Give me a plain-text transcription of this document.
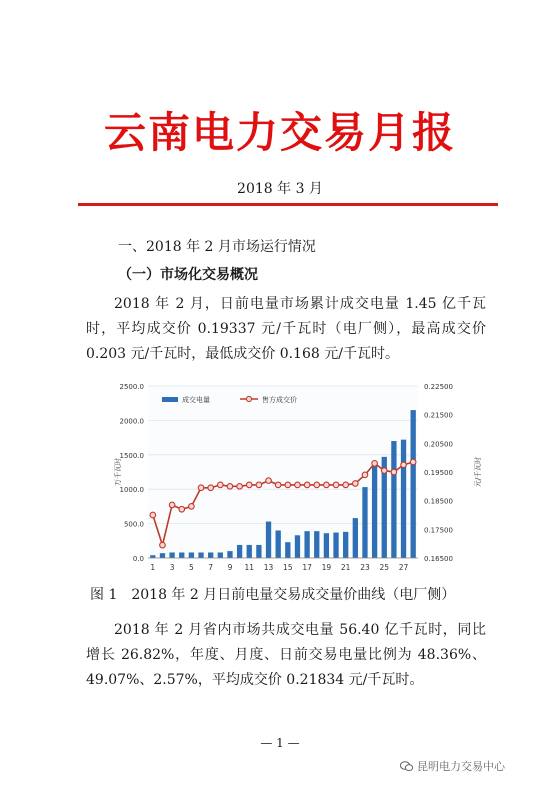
云南电力交易月报
2018 年 3 月
一、2018 年 2 月市场运行情况
（一）市场化交易概况
2018 年 2 月，日前电量市场累计成交电量 1.45 亿千瓦时，平均成交价 0.19337 元/千瓦时（电厂侧），最高成交价 0.203 元/千瓦时，最低成交价 0.168 元/千瓦时。
0.0
500.0
1000.0
1500.0
2000.0
2500.0
0.16500
0.17500
0.18500
0.19500
0.20500
0.21500
0.22500
1 3 5 7 9 11 13 15 17 19 21 23 25 27
万千瓦时	元/千瓦时
成交电量	售方成交价
图 1　2018 年 2 月日前电量交易成交量价曲线（电厂侧）
2018 年 2 月省内市场共成交电量 56.40 亿千瓦时，同比增长 26.82%，年度、月度、日前交易电量比例为 48.36%、49.07%、2.57%，平均成交价 0.21834 元/千瓦时。
— 1 —
昆明电力交易中心
